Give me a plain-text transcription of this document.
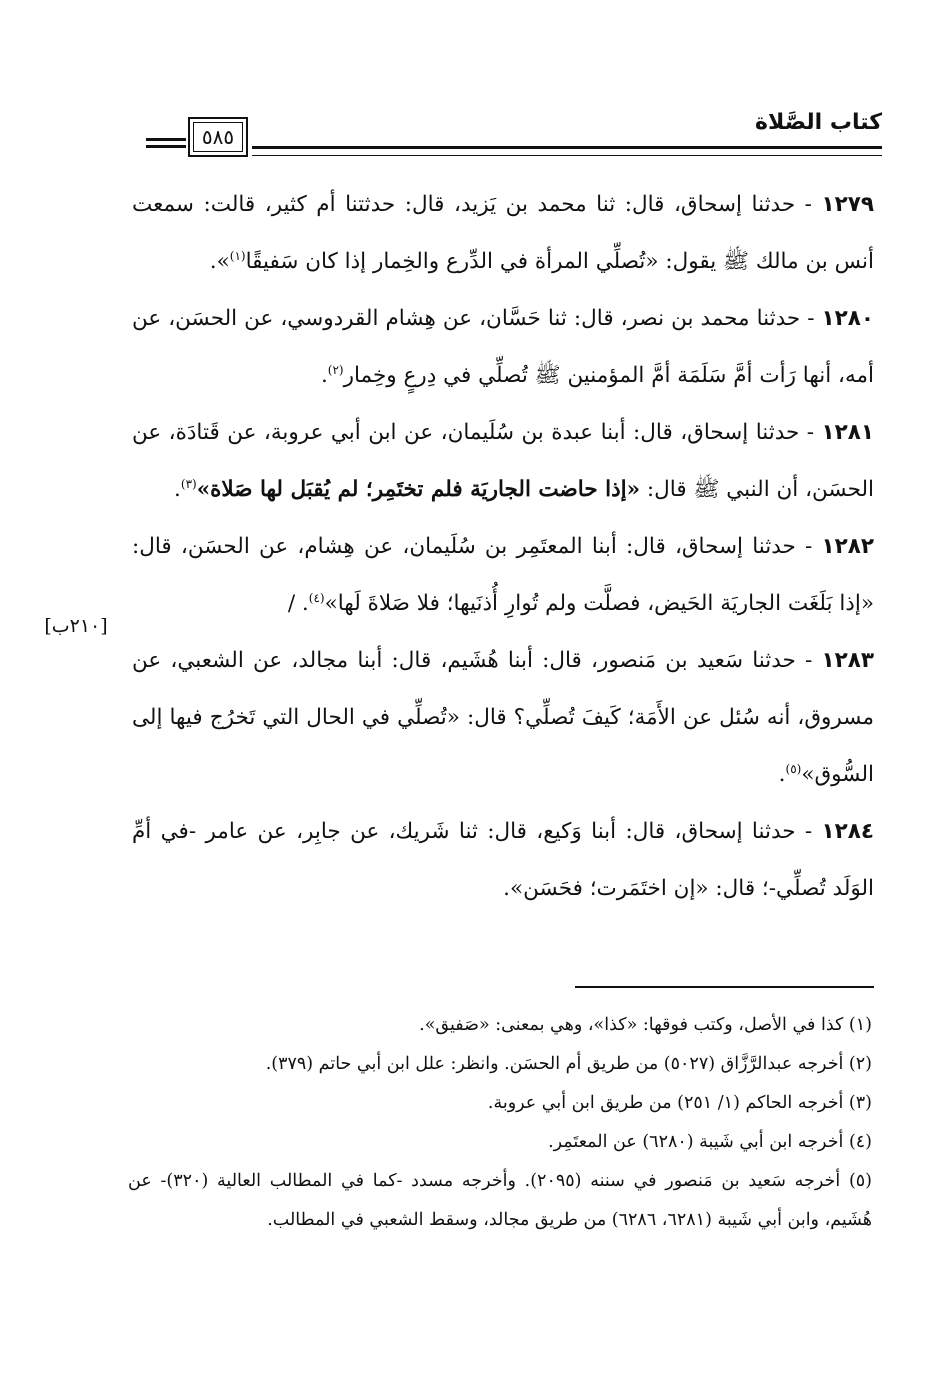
كتاب الصَّلاة
٥٨٥

١٢٧٩ - حدثنا إسحاق، قال: ثنا محمد بن يَزيد، قال: حدثتنا أم كثير، قالت: سمعت أنس بن مالك ﷺ يقول: «تُصلِّي المرأة في الدِّرع والخِمار إذا كان سَفيقًا$^{(١)}$».

١٢٨٠ - حدثنا محمد بن نصر، قال: ثنا حَسَّان، عن هِشام القردوسي، عن الحسَن، عن أمه، أنها رَأت أمَّ سَلَمَة أمَّ المؤمنين ﷺ تُصلِّي في دِرعٍ وخِمار$^{(٢)}$.

١٢٨١ - حدثنا إسحاق، قال: أبنا عبدة بن سُلَيمان، عن ابن أبي عروبة، عن قَتادَة، عن الحسَن، أن النبي ﷺ قال: «إذا حاضت الجاريَة فلم تختَمِر؛ لم يُقبَل لها صَلاة»$^{(٣)}$.

١٢٨٢ - حدثنا إسحاق، قال: أبنا المعتَمِر بن سُلَيمان، عن هِشام، عن الحسَن، قال: «إذا بَلَغَت الجاريَة الحَيض، فصلَّت ولم تُوارِ أُذنَيها؛ فلا صَلاةَ لَها»$^{(٤)}$. /

١٢٨٣ - حدثنا سَعيد بن مَنصور، قال: أبنا هُشَيم، قال: أبنا مجالد، عن الشعبي، عن مسروق، أنه سُئل عن الأَمَة؛ كَيفَ تُصلِّي؟ قال: «تُصلِّي في الحال التي تَخرُج فيها إلى السُّوق»$^{(٥)}$.

١٢٨٤ - حدثنا إسحاق، قال: أبنا وَكيع، قال: ثنا شَريك، عن جابِر، عن عامر -في أمِّ الوَلَد تُصلِّي-؛ قال: «إن اختَمَرت؛ فحَسَن».

[٢١٠ب]

(١) كذا في الأصل، وكتب فوقها: «كذا»، وهي بمعنى: «صَفيق».

(٢) أخرجه عبدالرَّزَّاق (٥٠٢٧) من طريق أم الحسَن. وانظر: علل ابن أبي حاتم (٣٧٩).

(٣) أخرجه الحاكم (١/ ٢٥١) من طريق ابن أبي عروبة.

(٤) أخرجه ابن أبي شَيبة (٦٢٨٠) عن المعتَمِر.

(٥) أخرجه سَعيد بن مَنصور في سننه (٢٠٩٥). وأخرجه مسدد -كما في المطالب العالية (٣٢٠)- عن هُشَيم، وابن أبي شَيبة (٦٢٨١، ٦٢٨٦) من طريق مجالد، وسقط الشعبي في المطالب.
